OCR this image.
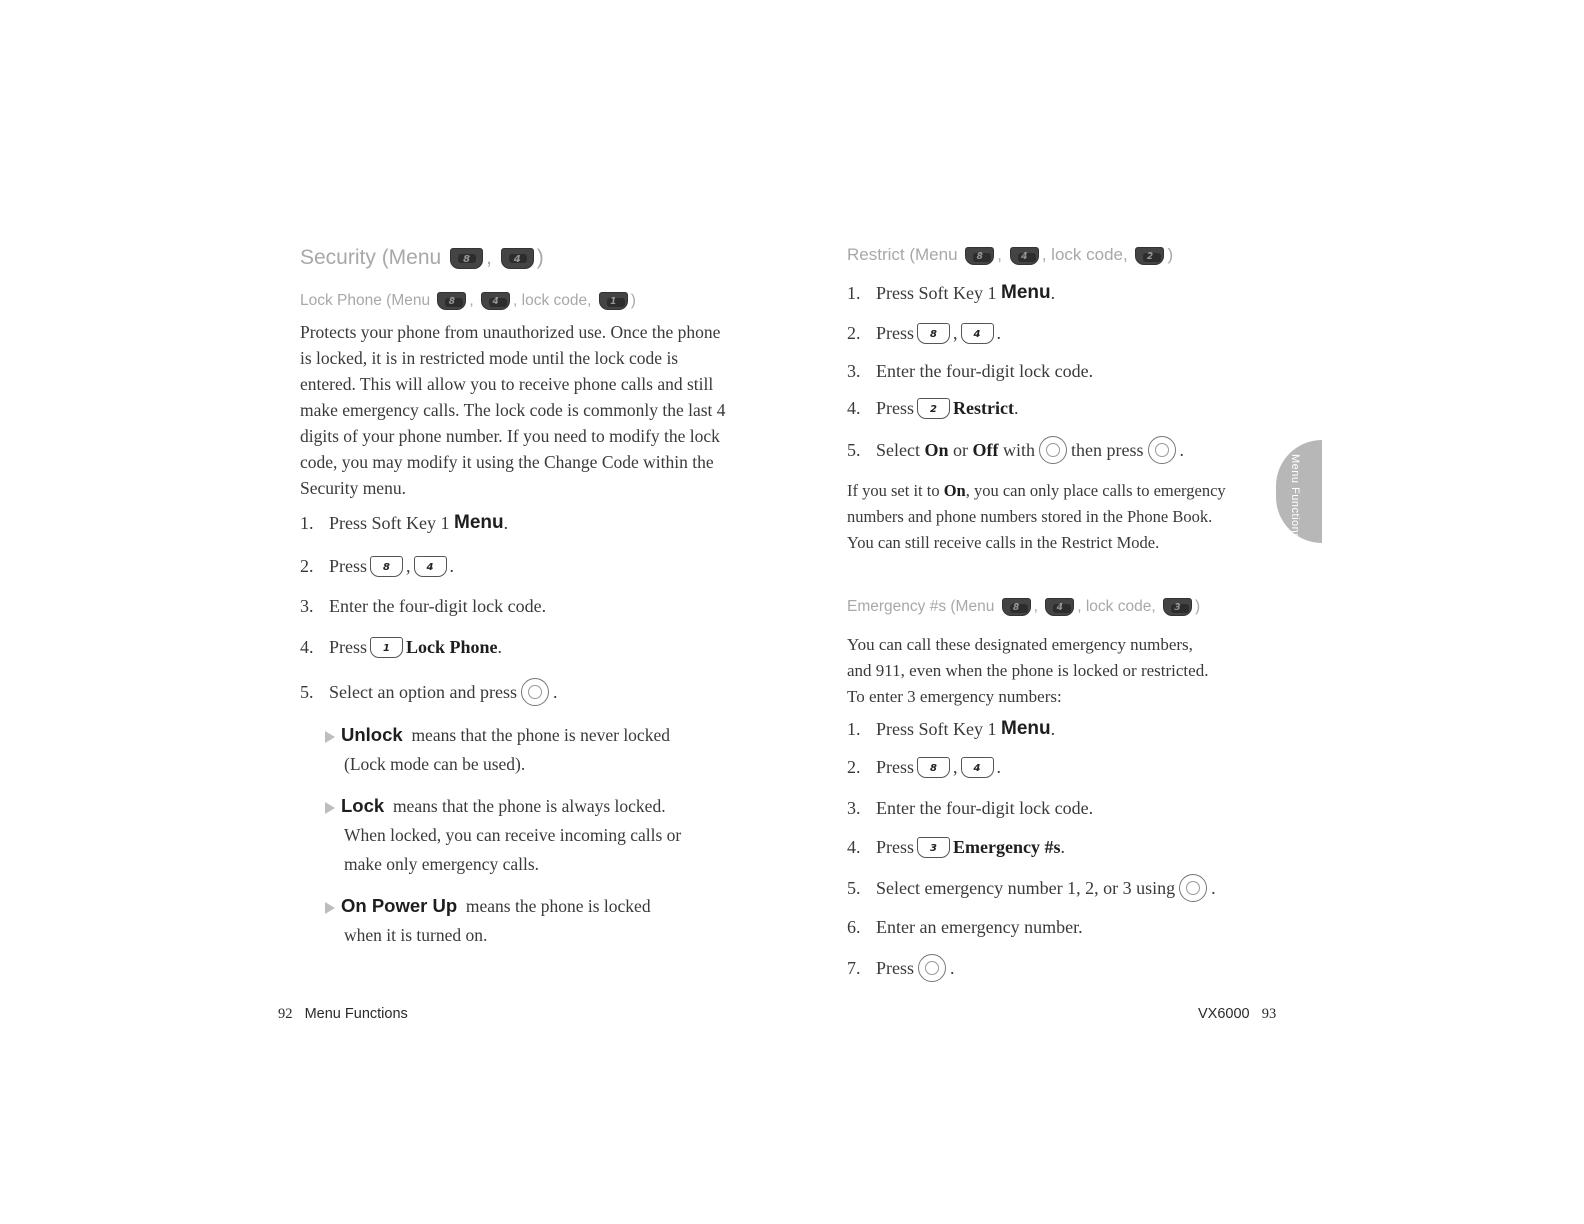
Security (Menu 8 , 4 )
Lock Phone (Menu 8 , 4 , lock code, 1 )

Protects your phone from unauthorized use. Once the phone is locked, it is in restricted mode until the lock code is entered. This will allow you to receive phone calls and still make emergency calls. The lock code is commonly the last 4 digits of your phone number. If you need to modify the lock code, you may modify it using the Change Code within the Security menu.

1. Press Soft Key 1
Menu .
2. Press	8 ,	4 .
3. Enter the four-digit lock code.
4. Press	1 Lock Phone .
5. Select an option and press .
Unlock means that the phone is never locked
(Lock mode can be used).
Lock means that the phone is always locked.
When locked, you can receive incoming calls or
make only emergency calls.
On Power Up means the phone is locked
when it is turned on.
Restrict (Menu 8 , 4 , lock code, 2 )
1. Press Soft Key 1
Menu .
2. Press	8 ,	4 .
3. Enter the four-digit lock code.
4. Press	2 Restrict .
5. Select
On
or
Off
with then press .
If you set it to On, you can only place calls to emergency
numbers and phone numbers stored in the Phone Book.
You can still receive calls in the Restrict Mode.
Emergency #s (Menu 8 , 4 , lock code, 3 )
You can call these designated emergency numbers,
and 911, even when the phone is locked or restricted.
To enter 3 emergency numbers:
1. Press Soft Key 1
Menu .
2. Press	8 ,	4 .
3. Enter the four-digit lock code.
4. Press	3 Emergency #s .
5. Select emergency number 1, 2, or 3 using .
6. Enter an emergency number.
7. Press .
Menu Functions
92 Menu Functions	VX6000 93
